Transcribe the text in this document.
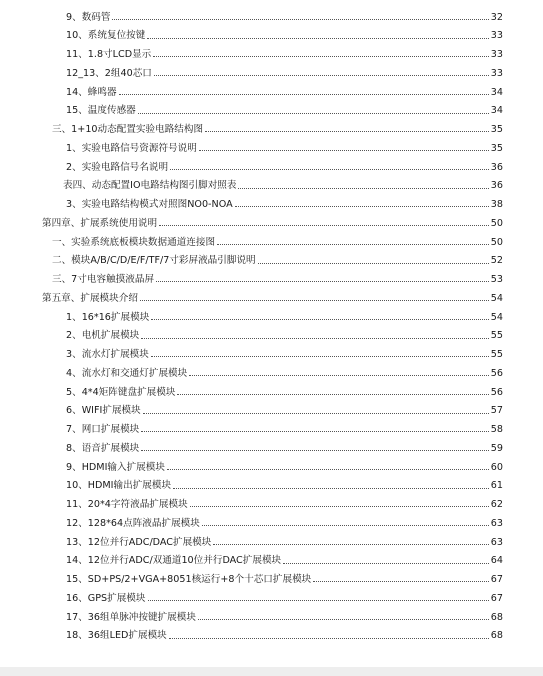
9、数码管	32
10、系统复位按键	33
11、1.8寸LCD显示	33
12_13、2组40芯口	33
14、蜂鸣器	34
15、温度传感器	34
三、1+10动态配置实验电路结构图	35
1、实验电路信号资源符号说明	35
2、实验电路信号名说明	36
表四、动态配置IO电路结构图引脚对照表	36
3、实验电路结构模式对照图NO0-NOA	38
第四章、扩展系统使用说明	50
一、实验系统底板模块数据通道连接图	50
二、模块A/B/C/D/E/F/TF/7寸彩屏液晶引脚说明	52
三、7寸电容触摸液晶屏	53
第五章、扩展模块介绍	54
1、16*16扩展模块	54
2、电机扩展模块	55
3、流水灯扩展模块	55
4、流水灯和交通灯扩展模块	56
5、4*4矩阵键盘扩展模块	56
6、WIFI扩展模块	57
7、网口扩展模块	58
8、语音扩展模块	59
9、HDMI输入扩展模块	60
10、HDMI输出扩展模块	61
11、20*4字符液晶扩展模块	62
12、128*64点阵液晶扩展模块	63
13、12位并行ADC/DAC扩展模块	63
14、12位并行ADC/双通道10位并行DAC扩展模块	64
15、SD+PS/2+VGA+8051核运行+8个十芯口扩展模块	67
16、GPS扩展模块	67
17、36组单脉冲按键扩展模块	68
18、36组LED扩展模块	68
